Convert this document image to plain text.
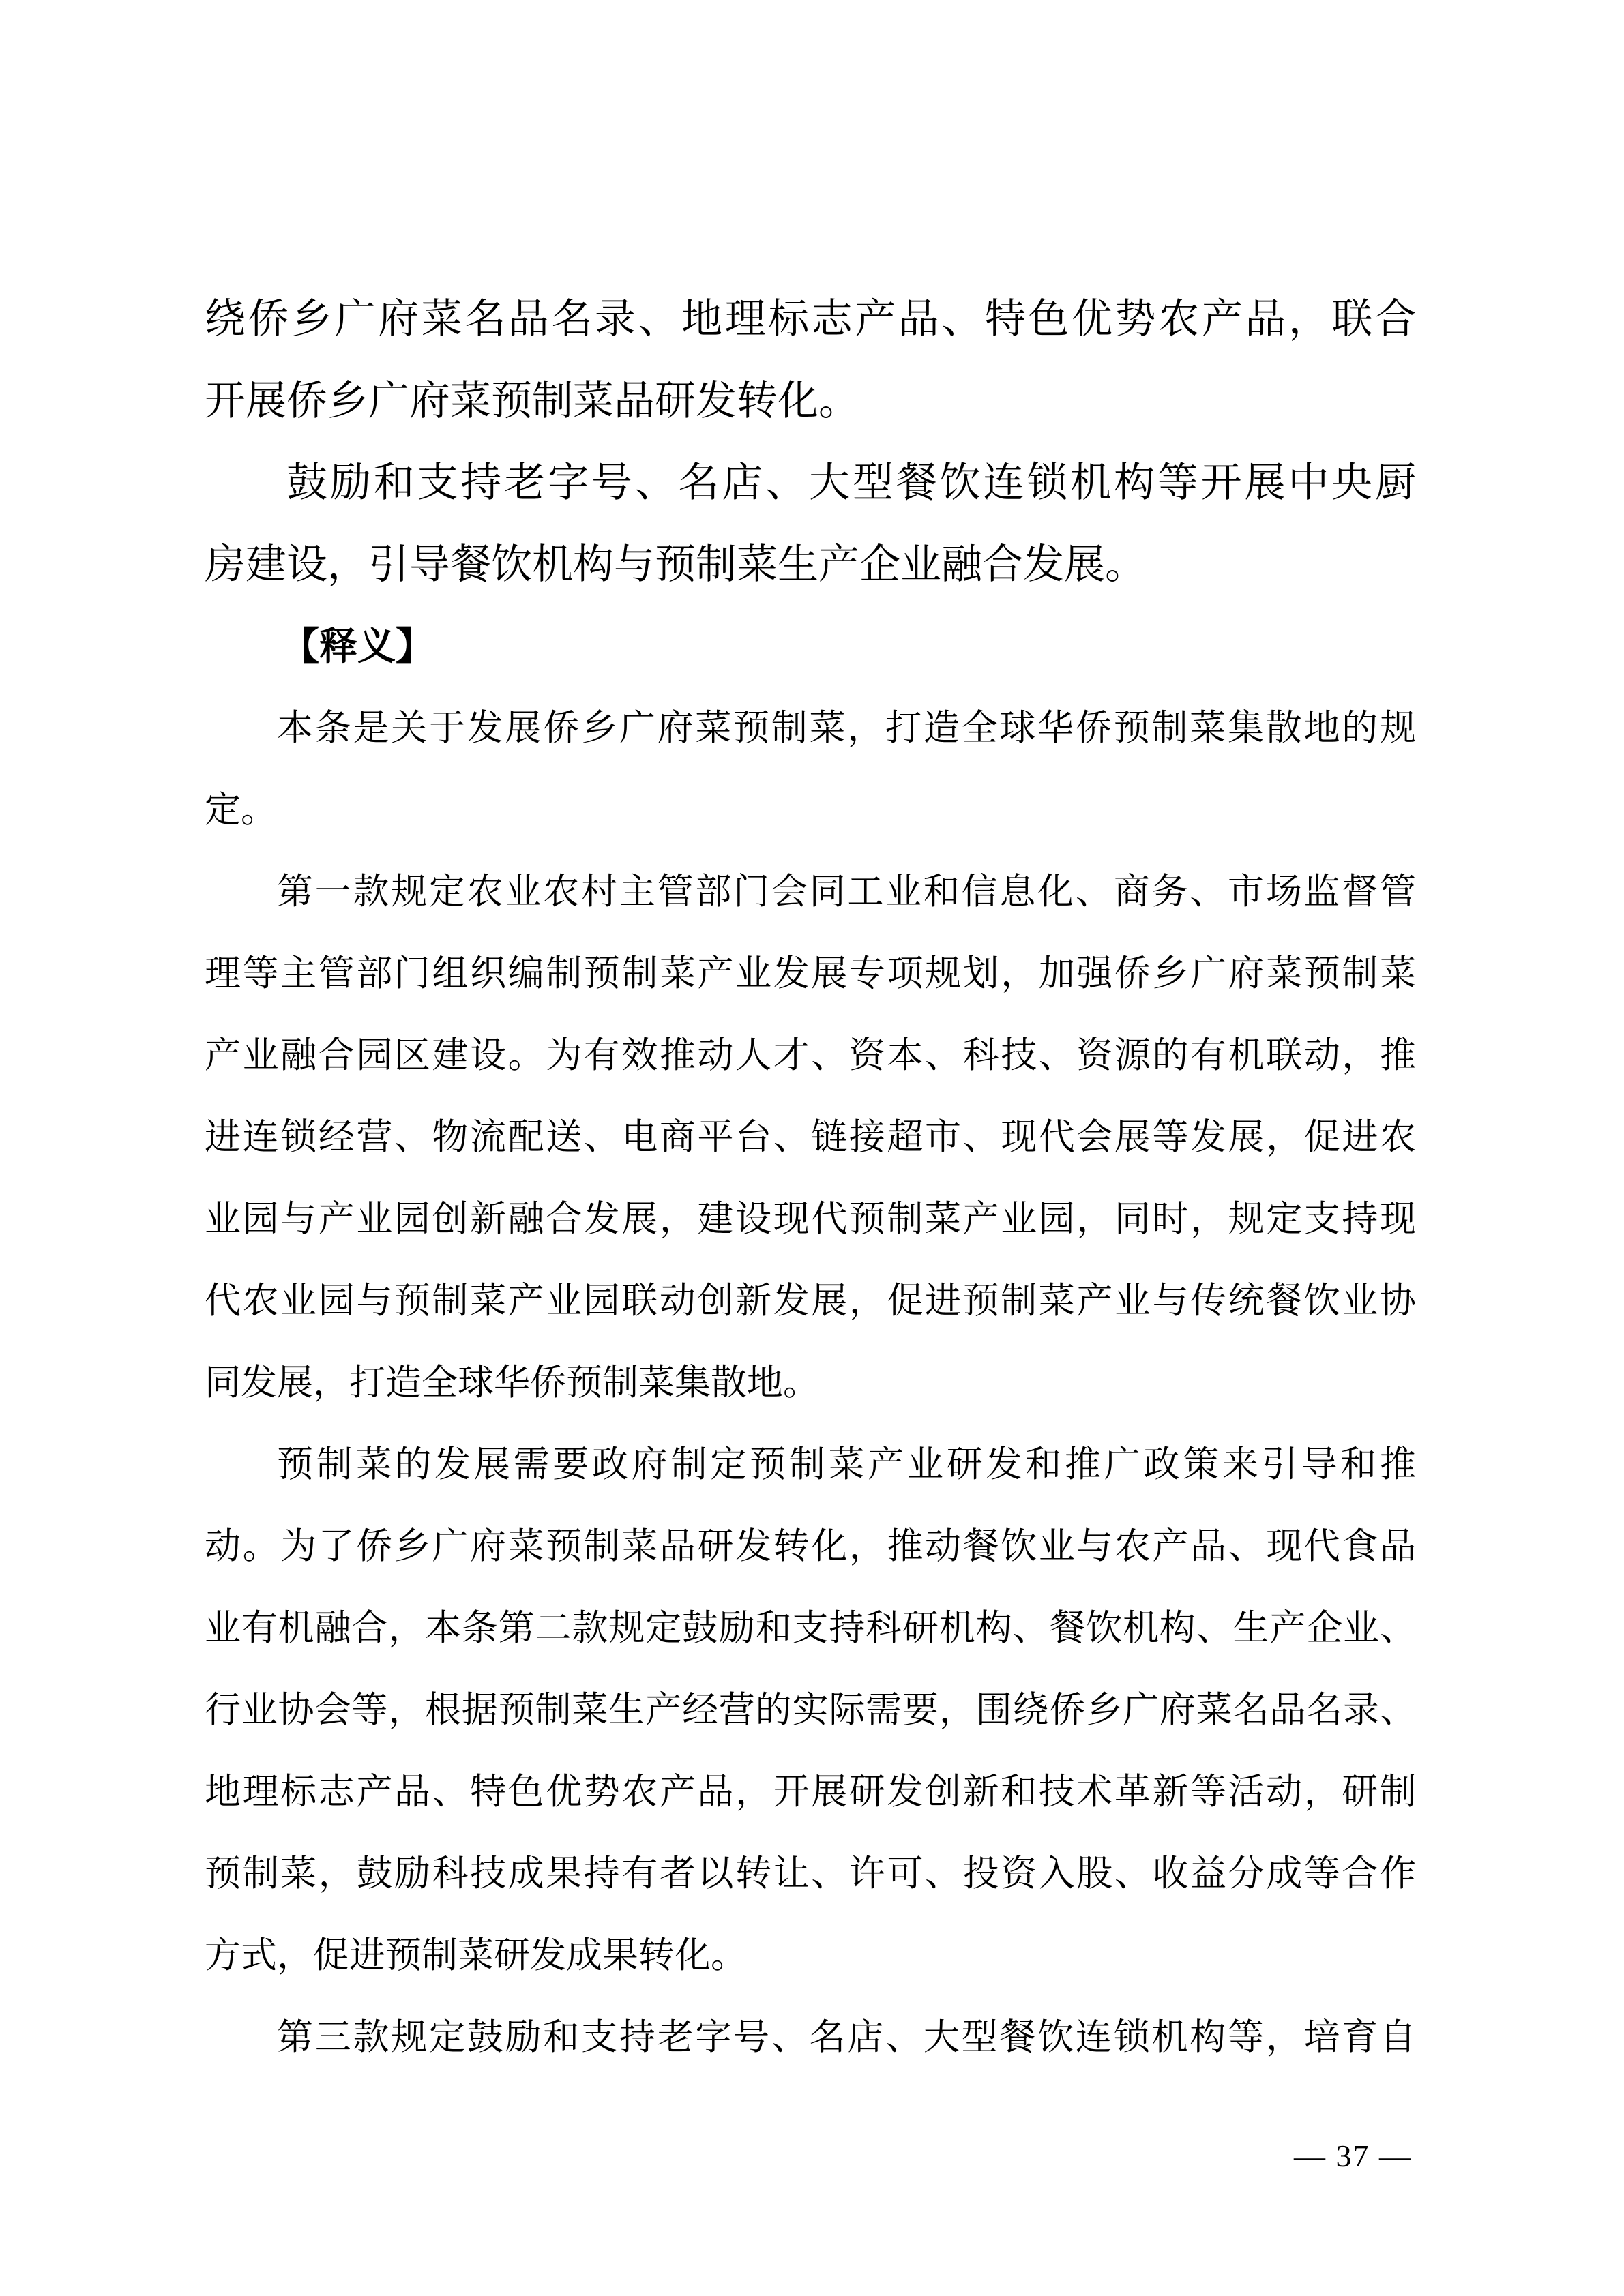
绕侨乡广府菜名品名录、地理标志产品、特色优势农产品，联合

开展侨乡广府菜预制菜品研发转化。

鼓励和支持老字号、名店、大型餐饮连锁机构等开展中央厨

房建设，引导餐饮机构与预制菜生产企业融合发展。

【释义】

本条是关于发展侨乡广府菜预制菜，打造全球华侨预制菜集散地的规

定。

第一款规定农业农村主管部门会同工业和信息化、商务、市场监督管

理等主管部门组织编制预制菜产业发展专项规划，加强侨乡广府菜预制菜

产业融合园区建设。为有效推动人才、资本、科技、资源的有机联动，推

进连锁经营、物流配送、电商平台、链接超市、现代会展等发展，促进农

业园与产业园创新融合发展，建设现代预制菜产业园，同时，规定支持现

代农业园与预制菜产业园联动创新发展，促进预制菜产业与传统餐饮业协

同发展，打造全球华侨预制菜集散地。

预制菜的发展需要政府制定预制菜产业研发和推广政策来引导和推

动。为了侨乡广府菜预制菜品研发转化，推动餐饮业与农产品、现代食品

业有机融合，本条第二款规定鼓励和支持科研机构、餐饮机构、生产企业、

行业协会等，根据预制菜生产经营的实际需要，围绕侨乡广府菜名品名录、

地理标志产品、特色优势农产品，开展研发创新和技术革新等活动，研制

预制菜，鼓励科技成果持有者以转让、许可、投资入股、收益分成等合作

方式，促进预制菜研发成果转化。

第三款规定鼓励和支持老字号、名店、大型餐饮连锁机构等，培育自

— 37 —
